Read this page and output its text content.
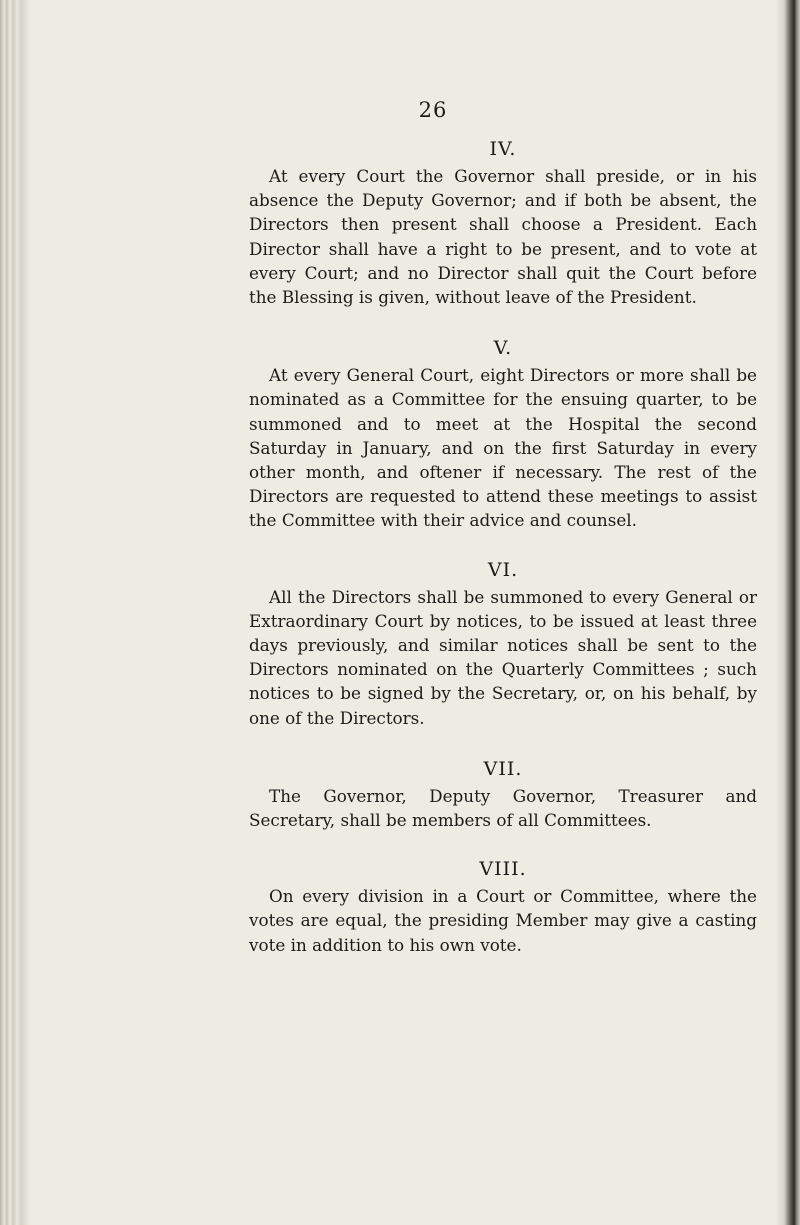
26
IV.

At every Court the Governor shall preside, or in his absence the Deputy Governor; and if both be absent, the Directors then present shall choose a President. Each Director shall have a right to be present, and to vote at every Court; and no Director shall quit the Court before the Blessing is given, without leave of the President.

V.

At every General Court, eight Directors or more shall be nominated as a Committee for the ensuing quarter, to be summoned and to meet at the Hospital the second Saturday in January, and on the first Saturday in every other month, and oftener if necessary. The rest of the Directors are requested to attend these meetings to assist the Committee with their advice and counsel.

VI.

All the Directors shall be summoned to every General or Extraordinary Court by notices, to be issued at least three days previously, and similar notices shall be sent to the Directors nominated on the Quarterly Committees ; such notices to be signed by the Secretary, or, on his behalf, by one of the Directors.

VII.

The Governor, Deputy Governor, Treasurer and Secretary, shall be members of all Committees.

VIII.

On every division in a Court or Committee, where the votes are equal, the presiding Member may give a casting vote in addition to his own vote.
